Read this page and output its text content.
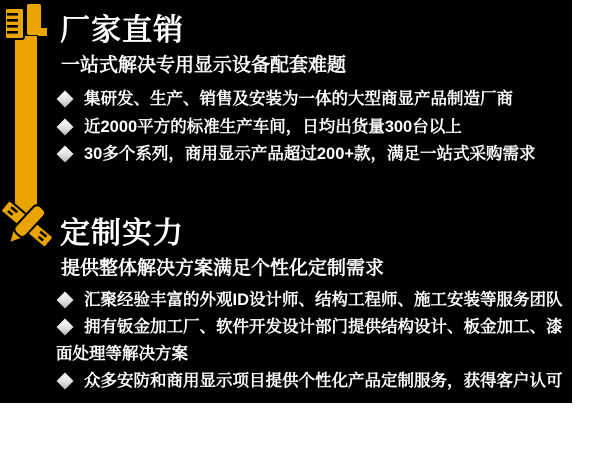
厂家直销
一站式解决专用显示设备配套难题

集研发、生产、销售及安装为一体的大型商显产品制造厂商

近2000平方的标准生产车间，日均出货量300台以上

30多个系列，商用显示产品超过200+款，满足一站式采购需求

定制实力
提供整体解决方案满足个性化定制需求

汇聚经验丰富的外观ID设计师、结构工程师、施工安装等服务团队

拥有钣金加工厂、软件开发设计部门提供结构设计、板金加工、漆面处理等解决方案

众多安防和商用显示项目提供个性化产品定制服务，获得客户认可
